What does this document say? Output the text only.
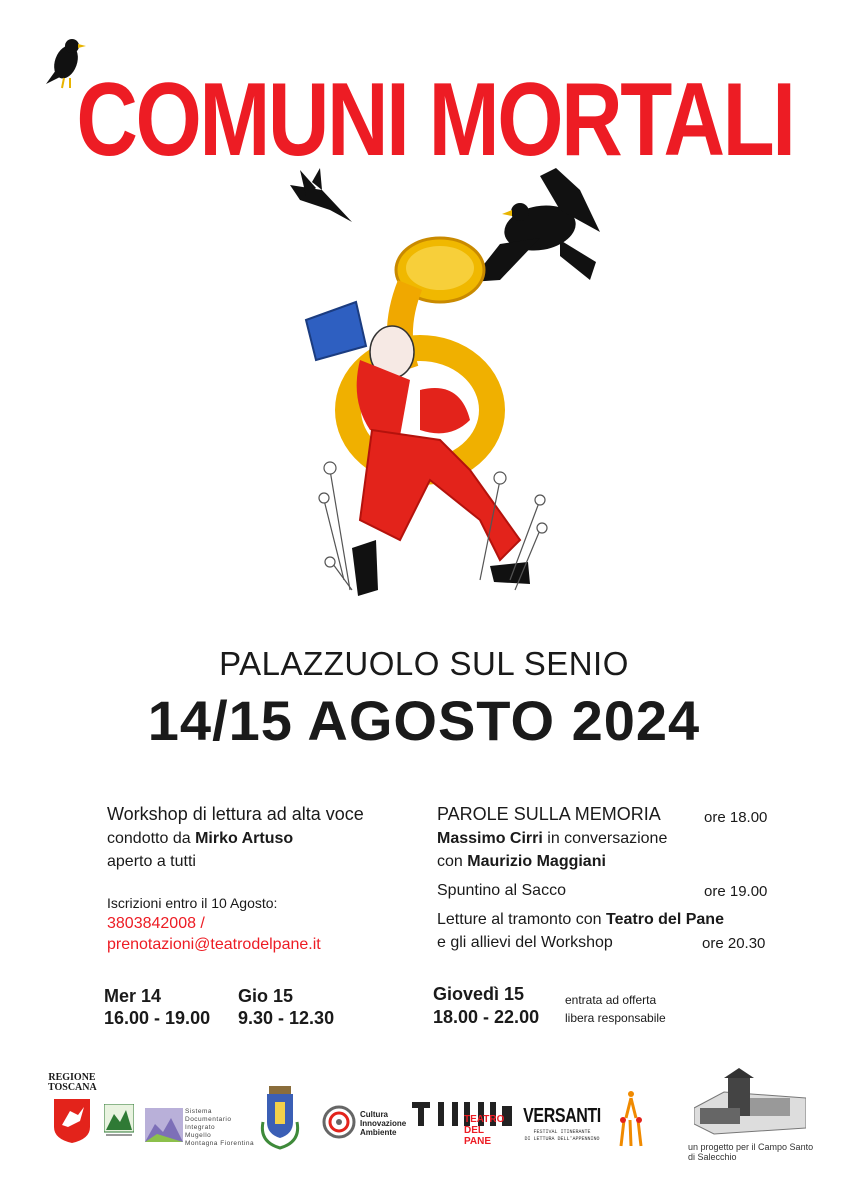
COMUNI MORTALI
PALAZZUOLO SUL SENIO
14/15 AGOSTO 2024
Workshop di lettura ad alta voce
condotto da Mirko Artuso
aperto a tutti
Iscrizioni entro il 10 Agosto:
3803842008 /
prenotazioni@teatrodelpane.it
PAROLE SULLA MEMORIA	ore 18.00
Massimo Cirri in conversazione
con Maurizio Maggiani
Spuntino al Sacco	ore 19.00
Letture al tramonto con Teatro del Pane
e gli allievi del Workshop	ore 20.30
Mer 14
16.00 - 19.00
Gio 15
9.30 - 12.30
Giovedì 15
18.00 - 22.00
entrata ad offerta
libera responsabile
REGIONE TOSCANA
Sistema
Documentario
Integrato
Mugello
Montagna Fiorentina
Cultura
Innovazione
Ambiente
TEATRO
DEL
PANE
VERSANTI
FESTIVAL ITINERANTE
DI LETTURA DELL'APPENNINO
un progetto per il Campo Santo
di Salecchio
